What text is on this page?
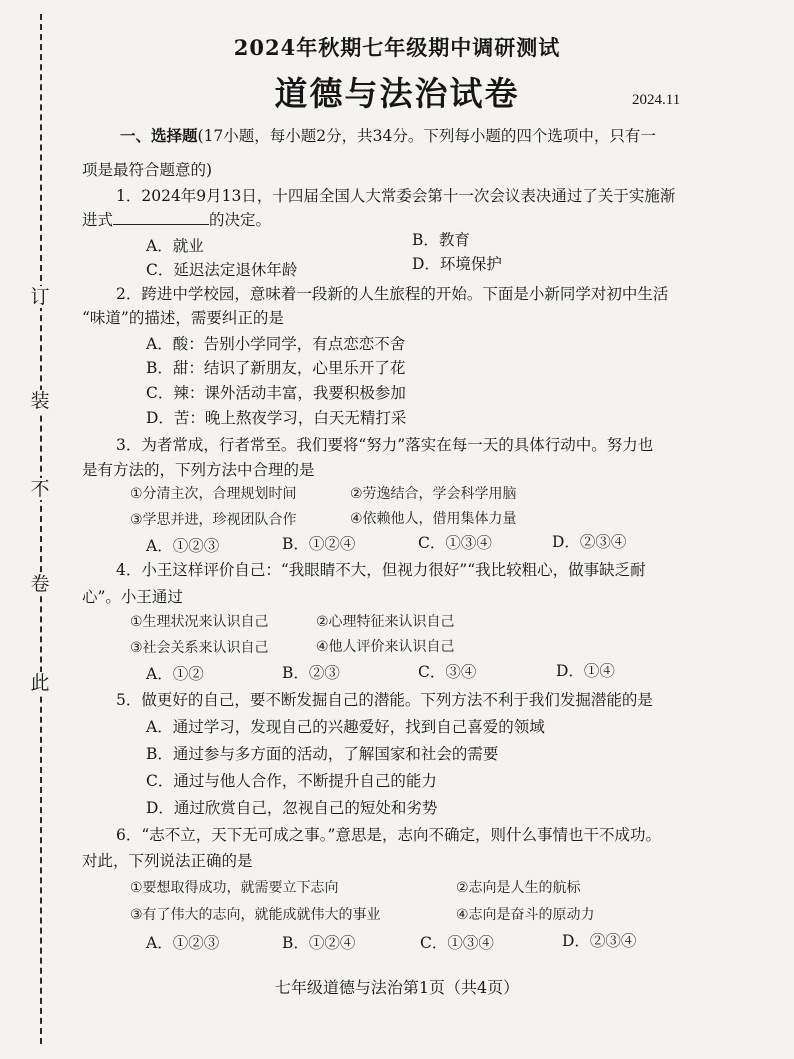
订
装
不
卷
此
2024年秋期七年级期中调研测试
道德与法治试卷	2024.11
一、选择题(17小题，每小题2分，共34分。下列每小题的四个选项中，只有一
项是最符合题意的)
1．2024年9月13日，十四届全国人大常委会第十一次会议表决通过了关于实施渐
进式	的决定。
A．就业	B．教育
C．延迟法定退休年龄	D．环境保护
2．跨进中学校园，意味着一段新的人生旅程的开始。下面是小新同学对初中生活
“味道”的描述，需要纠正的是
A．酸：告别小学同学，有点恋恋不舍
B．甜：结识了新朋友，心里乐开了花
C．辣：课外活动丰富，我要积极参加
D．苦：晚上熬夜学习，白天无精打采
3．为者常成，行者常至。我们要将“努力”落实在每一天的具体行动中。努力也
是有方法的，下列方法中合理的是
①分清主次，合理规划时间	②劳逸结合，学会科学用脑
③学思并进，珍视团队合作	④依赖他人，借用集体力量
A．①②③	B．①②④	C．①③④	D．②③④
4．小王这样评价自己：“我眼睛不大，但视力很好”“我比较粗心，做事缺乏耐
心”。小王通过
①生理状况来认识自己	②心理特征来认识自己
③社会关系来认识自己	④他人评价来认识自己
A．①②	B．②③	C．③④	D．①④
5．做更好的自己，要不断发掘自己的潜能。下列方法不利于我们发掘潜能的是
A．通过学习，发现自己的兴趣爱好，找到自己喜爱的领域
B．通过参与多方面的活动，了解国家和社会的需要
C．通过与他人合作，不断提升自己的能力
D．通过欣赏自己，忽视自己的短处和劣势
6．“志不立，天下无可成之事。”意思是，志向不确定，则什么事情也干不成功。
对此，下列说法正确的是
①要想取得成功，就需要立下志向	②志向是人生的航标
③有了伟大的志向，就能成就伟大的事业	④志向是奋斗的原动力
A．①②③	B．①②④	C．①③④	D．②③④
七年级道德与法治第1页（共4页）
